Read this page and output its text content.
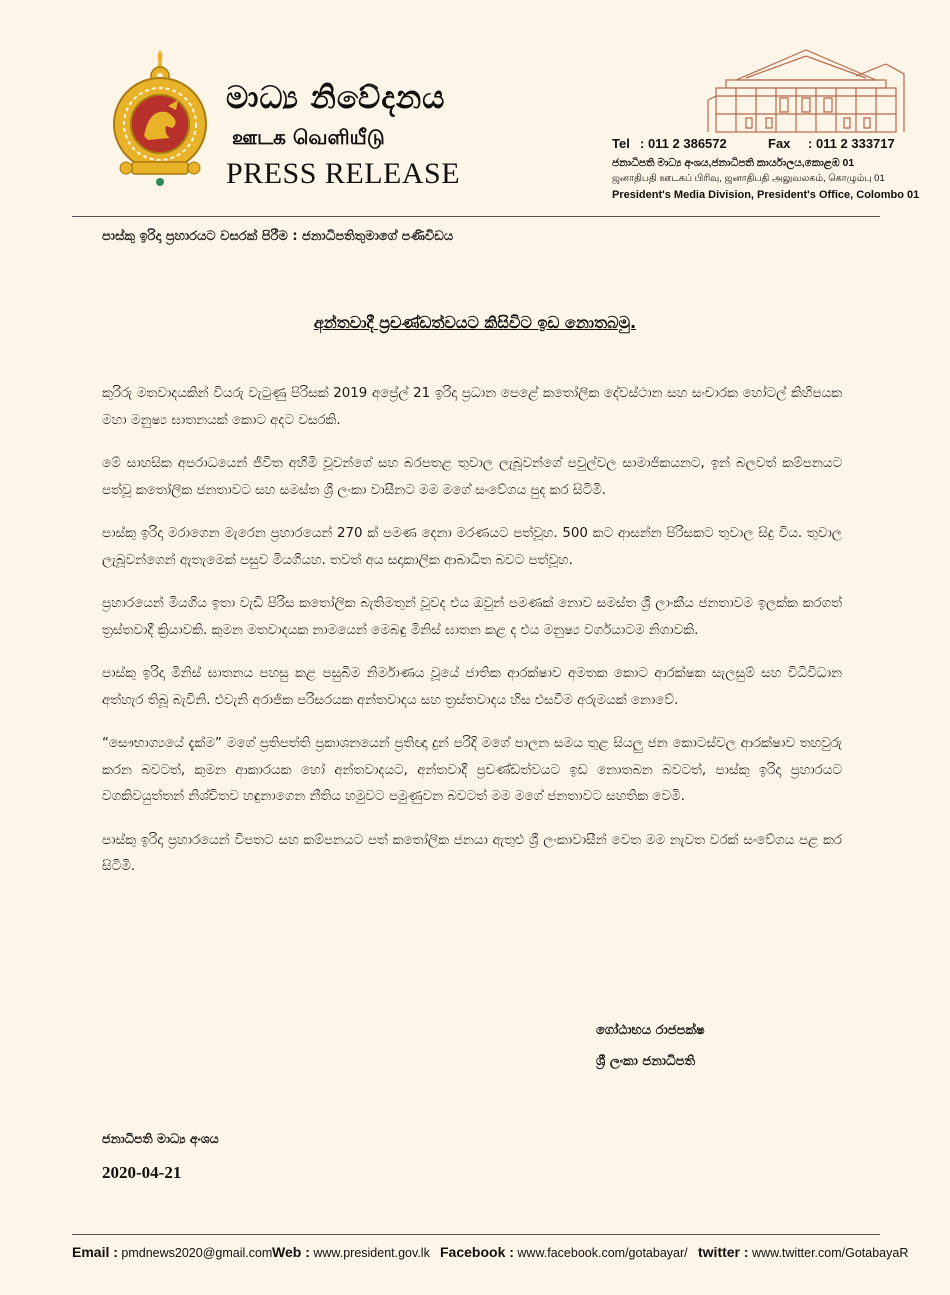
මාධ්‍ය නිවේදනය
ஊடக வெளியீடு
PRESS RELEASE
Tel : 011 2 386572	Fax : 011 2 333717
ජනාධිපති මාධ්‍ය අංශය,ජනාධිපති කාර්යාලය,කොළඹ 01
ஜனாதிபதி ஊடகப் பிரிவு, ஜனாதிபதி அலுவலகம், கொழும்பு 01
President's Media Division, President's Office, Colombo 01
පාස්කු ඉරිදා ප්‍රහාරයට වසරක් පිරීම : ජනාධිපතිතුමාගේ පණිවිඩය
අන්තවාදී ප්‍රචණ්ඩත්වයට කිසිවිට ඉඩ නොතබමු.

කුරිරු මතවාදයකින් වියරු වැටුණු පිරිසක් 2019 අප්‍රේල් 21 ඉරිදා ප්‍රධාන පෙළේ කතෝලික දේවස්ථාන සහ සංචාරක හෝටල් කිහිපයක මහා මනුෂ්‍ය ඝාතනයක් කොට අදට වසරකි.

මේ සාහසික අපරාධයෙන් ජීවිත අහිමි වූවන්ගේ සහ බරපතළ තුවාල ලැබූවන්ගේ පවුල්වල සාමාජිකයනට, ඉන් බලවත් කම්පනයට පත්වූ කතෝලික ජනතාවට සහ සමස්ත ශ්‍රී ලංකා වාසීනට මම මගේ සංවේගය පුද කර සිටිමි.

පාස්කු ඉරිදා මරාගෙන මැරෙන ප්‍රහාරයෙන් 270 ක් පමණ දෙනා මරණයට පත්වූහ. 500 කට ආසන්න පිරිසකට තුවාල සිදු විය. තුවාල ලැබූවන්ගෙන් ඇතැමෙක් පසුව මියගියහ. තවත් අය සදාකාලික ආබාධිත බවට පත්වූහ.

ප්‍රහාරයෙන් මියගිය ඉතා වැඩි පිරිස කතෝලික බැතිමතුන් වූවද එය ඔවුන් පමණක් නොව සමස්ත ශ්‍රී ලාංකීය ජනතාවම ඉලක්ක කරගත් ත්‍රස්තවාදී ක්‍රියාවකි. කුමන මතවාදයක නාමයෙන් මෙබඳු මිනිස් ඝාතන කළ ද එය මනුෂ්‍ය වර්ගයාටම නිගාවකි.

පාස්කු ඉරිදා මිනිස් ඝාතනය පහසු කළ පසුබිම නිර්මාණය වූයේ ජාතික ආරක්ෂාව අමතක කොට ආරක්ෂක සැලසුම් සහ විධිවිධාන අත්හැර තිබූ බැවිනි. එවැනි අරාජික පරිසරයක අන්තවාදය සහ ත්‍රස්තවාදය හිස එසවීම අරුමයක් නොවේ.

“සෞභාග්‍යයේ දැක්ම” මගේ ප්‍රතිපත්ති ප්‍රකාශනයෙන් ප්‍රතිඥා දුන් පරිදි මගේ පාලන සමය තුළ සියලු ජන කොටස්වල ආරක්ෂාව තහවුරු කරන බවටත්, කුමන ආකාරයක හෝ අන්තවාදයට, අන්තවාදී ප්‍රචණ්ඩත්වයට ඉඩ නොතබන බවටත්, පාස්කු ඉරිදා ප්‍රහාරයට වගකිවයුත්තන් නිශ්චිතව හඳුනාගෙන නීතිය හමුවට පමුණුවන බවටත් මම මගේ ජනතාවට සහතික වෙමි.

පාස්කු ඉරිදා ප්‍රහාරයෙන් විපතට සහ කම්පනයට පත් කතෝලික ජනයා ඇතුළු ශ්‍රී ලංකාවාසීන් වෙත මම නැවත වරක් සංවේගය පළ කර සිටිමි.

ගෝඨාභය රාජපක්ෂ
ශ්‍රී ලංකා ජනාධිපති
ජනාධිපති මාධ්‍ය අංශය
2020-04-21
Email : pmdnews2020@gmail.com Web : www.president.gov.lk Facebook : www.facebook.com/gotabayar/ twitter : www.twitter.com/GotabayaR
